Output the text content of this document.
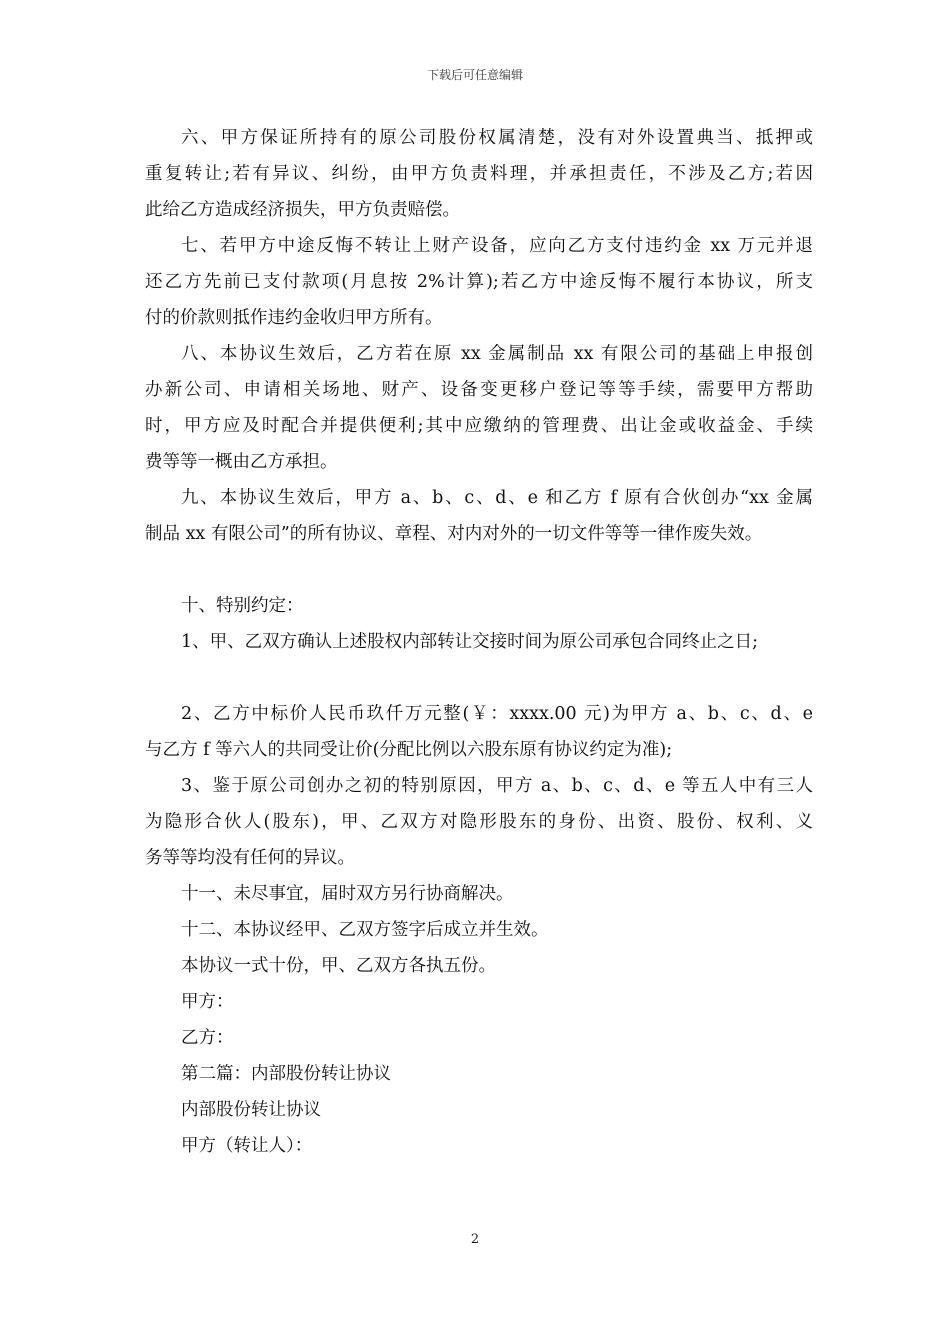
下载后可任意编辑
六、甲方保证所持有的原公司股份权属清楚，没有对外设置典当、抵押或
重复转让;若有异议、纠纷，由甲方负责料理，并承担责任，不涉及乙方;若因
此给乙方造成经济损失，甲方负责赔偿。
七、若甲方中途反悔不转让上财产设备，应向乙方支付违约金 xx 万元并退
还乙方先前已支付款项(月息按 2%计算);若乙方中途反悔不履行本协议，所支
付的价款则抵作违约金收归甲方所有。
八、本协议生效后，乙方若在原 xx 金属制品 xx 有限公司的基础上申报创
办新公司、申请相关场地、财产、设备变更移户登记等等手续，需要甲方帮助
时，甲方应及时配合并提供便利;其中应缴纳的管理费、出让金或收益金、手续
费等等一概由乙方承担。
九、本协议生效后，甲方 a、b、c、d、e 和乙方 f 原有合伙创办“xx 金属
制品 xx 有限公司”的所有协议、章程、对内对外的一切文件等等一律作废失效。
十、特别约定：
1、甲、乙双方确认上述股权内部转让交接时间为原公司承包合同终止之日;
2、乙方中标价人民币玖仟万元整(￥：xxxx.00 元)为甲方 a、b、c、d、e
与乙方 f 等六人的共同受让价(分配比例以六股东原有协议约定为准);
3、鉴于原公司创办之初的特别原因，甲方 a、b、c、d、e 等五人中有三人
为隐形合伙人(股东)，甲、乙双方对隐形股东的身份、出资、股份、权利、义
务等等均没有任何的异议。
十一、未尽事宜，届时双方另行协商解决。
十二、本协议经甲、乙双方签字后成立并生效。
本协议一式十份，甲、乙双方各执五份。
甲方：
乙方：
第二篇：内部股份转让协议
内部股份转让协议
甲方（转让人）：
2
